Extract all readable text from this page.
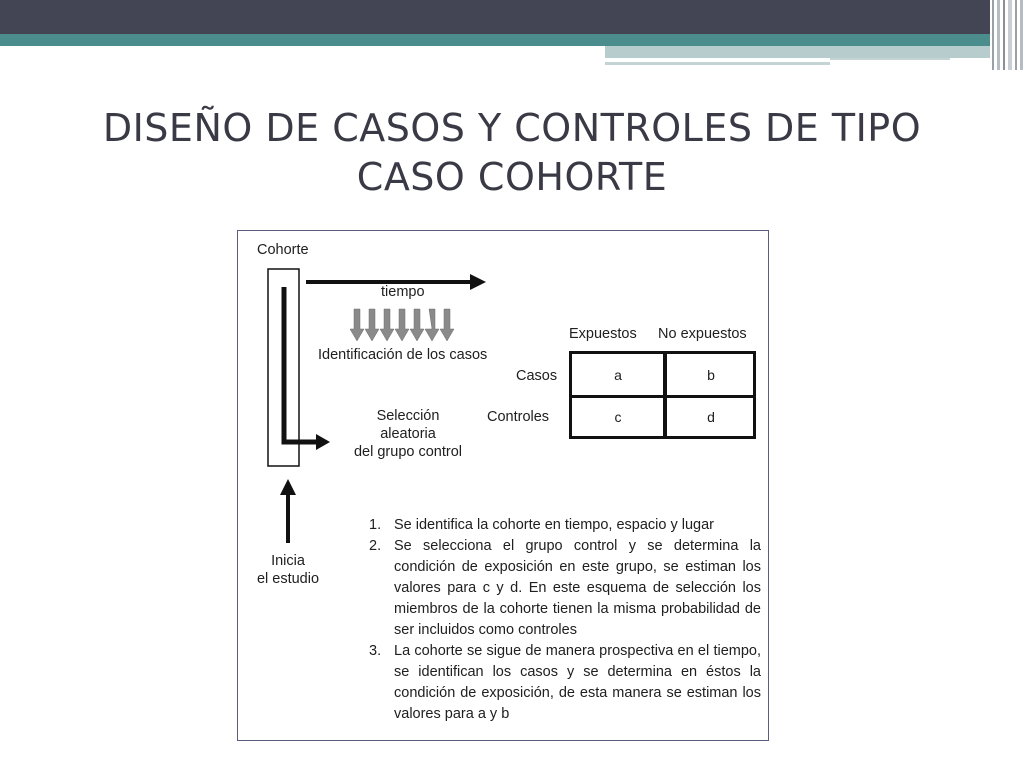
DISEÑO DE CASOS Y CONTROLES DE TIPO
CASO COHORTE
Cohorte
tiempo
Identificación de los casos
Selección
aleatoria
del grupo control
Inicia
el estudio
Expuestos No expuestos
Casos
Controles
a	b
c	d
1. Se identifica la cohorte en tiempo, espacio y lugar
2. Se selecciona el grupo control y se determina la condición de exposición en este grupo, se estiman los valores para c y d. En este esquema de selección los miembros de la cohorte tienen la misma probabilidad de ser incluidos como controles
3. La cohorte se sigue de manera prospectiva en el tiempo, se identifican los casos y se determina en éstos la condición de exposición, de esta manera se estiman los valores para a y b
